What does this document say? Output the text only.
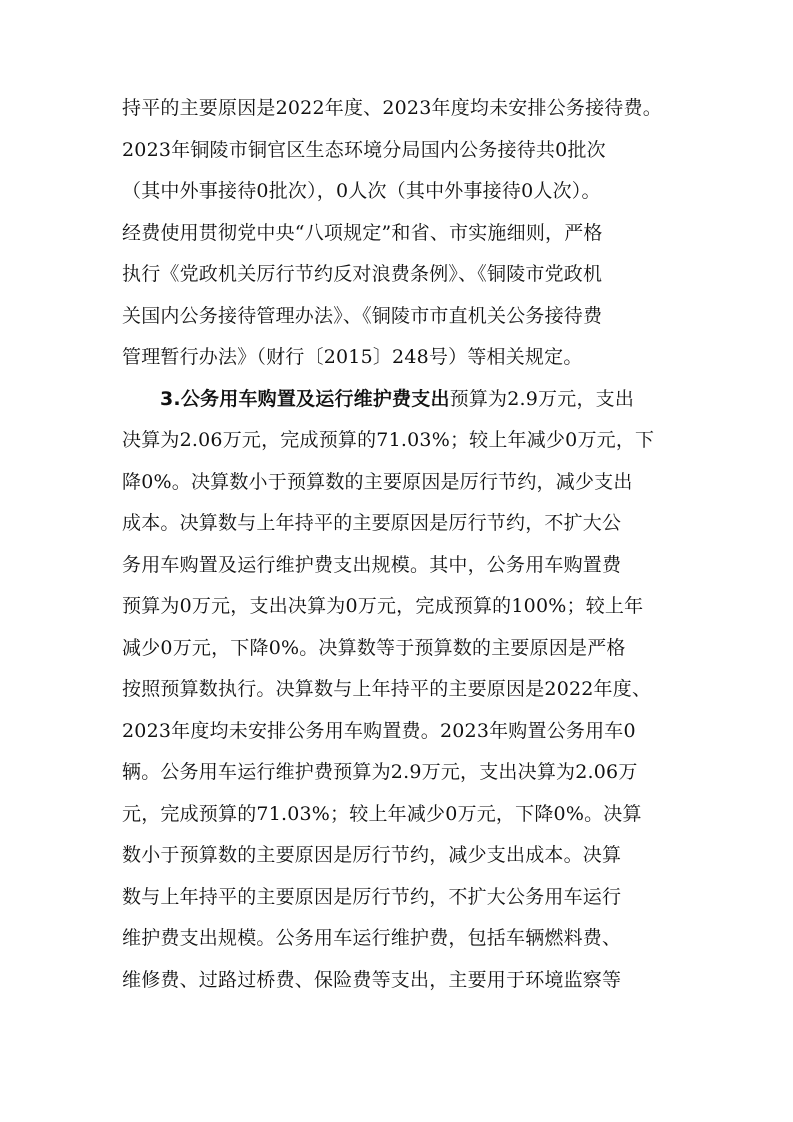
持平的主要原因是2022年度、2023年度均未安排公务接待费。
2023年铜陵市铜官区生态环境分局国内公务接待共0批次
（其中外事接待0批次），0人次（其中外事接待0人次）。
经费使用贯彻党中央“八项规定”和省、市实施细则，严格
执行《党政机关厉行节约反对浪费条例》、《铜陵市党政机
关国内公务接待管理办法》、《铜陵市市直机关公务接待费
管理暂行办法》（财行〔2015〕248号）等相关规定。
3.公务用车购置及运行维护费支出预算为2.9万元，支出
决算为2.06万元，完成预算的71.03%；较上年减少0万元，下
降0%。决算数小于预算数的主要原因是厉行节约，减少支出
成本。决算数与上年持平的主要原因是厉行节约，不扩大公
务用车购置及运行维护费支出规模。其中，公务用车购置费
预算为0万元，支出决算为0万元，完成预算的100%；较上年
减少0万元，下降0%。决算数等于预算数的主要原因是严格
按照预算数执行。决算数与上年持平的主要原因是2022年度、
2023年度均未安排公务用车购置费。2023年购置公务用车0
辆。公务用车运行维护费预算为2.9万元，支出决算为2.06万
元，完成预算的71.03%；较上年减少0万元，下降0%。决算
数小于预算数的主要原因是厉行节约，减少支出成本。决算
数与上年持平的主要原因是厉行节约，不扩大公务用车运行
维护费支出规模。公务用车运行维护费，包括车辆燃料费、
维修费、过路过桥费、保险费等支出，主要用于环境监察等
